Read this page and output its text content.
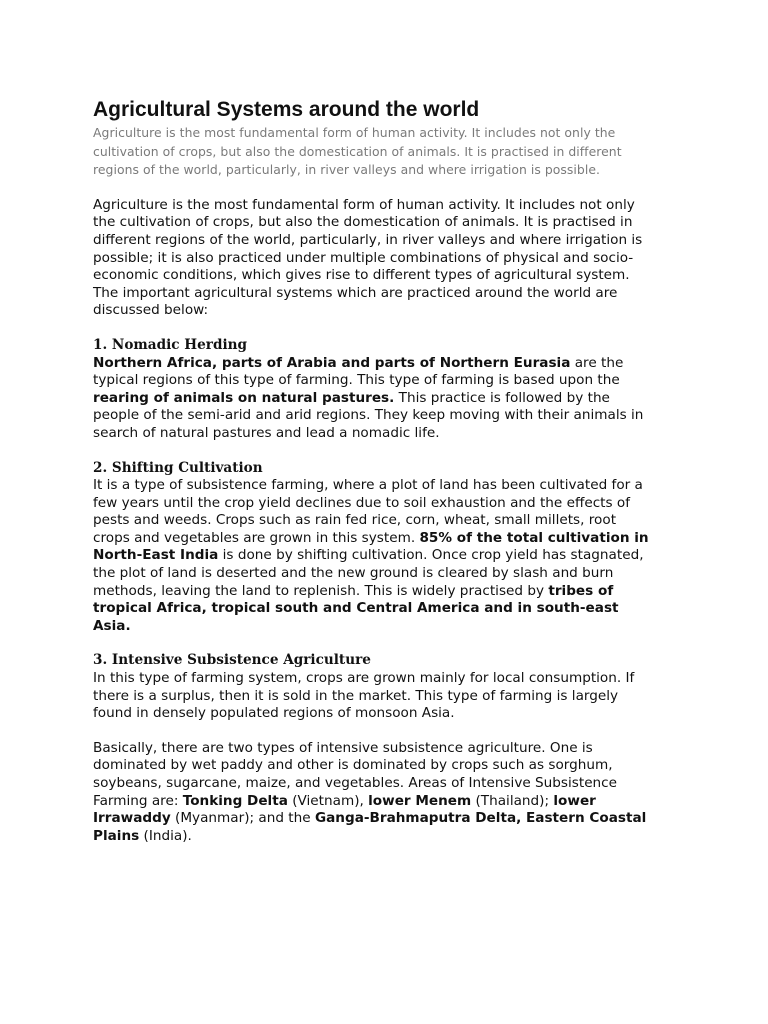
Agricultural Systems around the world

Agriculture is the most fundamental form of human activity. It includes not only the cultivation of crops, but also the domestication of animals. It is practised in different regions of the world, particularly, in river valleys and where irrigation is possible.

Agriculture is the most fundamental form of human activity. It includes not only the cultivation of crops, but also the domestication of animals. It is practised in different regions of the world, particularly, in river valleys and where irrigation is possible; it is also practiced under multiple combinations of physical and socio-economic conditions, which gives rise to different types of agricultural system. The important agricultural systems which are practiced around the world are discussed below:

1. Nomadic Herding

Northern Africa, parts of Arabia and parts of Northern Eurasia are the typical regions of this type of farming. This type of farming is based upon the rearing of animals on natural pastures. This practice is followed by the people of the semi-arid and arid regions. They keep moving with their animals in search of natural pastures and lead a nomadic life.

2. Shifting Cultivation

It is a type of subsistence farming, where a plot of land has been cultivated for a few years until the crop yield declines due to soil exhaustion and the effects of pests and weeds. Crops such as rain fed rice, corn, wheat, small millets, root crops and vegetables are grown in this system. 85% of the total cultivation in North-East India is done by shifting cultivation. Once crop yield has stagnated, the plot of land is deserted and the new ground is cleared by slash and burn methods, leaving the land to replenish. This is widely practised by tribes of tropical Africa, tropical south and Central America and in south-east Asia.

3. Intensive Subsistence Agriculture

In this type of farming system, crops are grown mainly for local consumption. If there is a surplus, then it is sold in the market. This type of farming is largely found in densely populated regions of monsoon Asia.

Basically, there are two types of intensive subsistence agriculture. One is dominated by wet paddy and other is dominated by crops such as sorghum, soybeans, sugarcane, maize, and vegetables. Areas of Intensive Subsistence Farming are: Tonking Delta (Vietnam), lower Menem (Thailand); lower Irrawaddy (Myanmar); and the Ganga-Brahmaputra Delta, Eastern Coastal Plains (India).
